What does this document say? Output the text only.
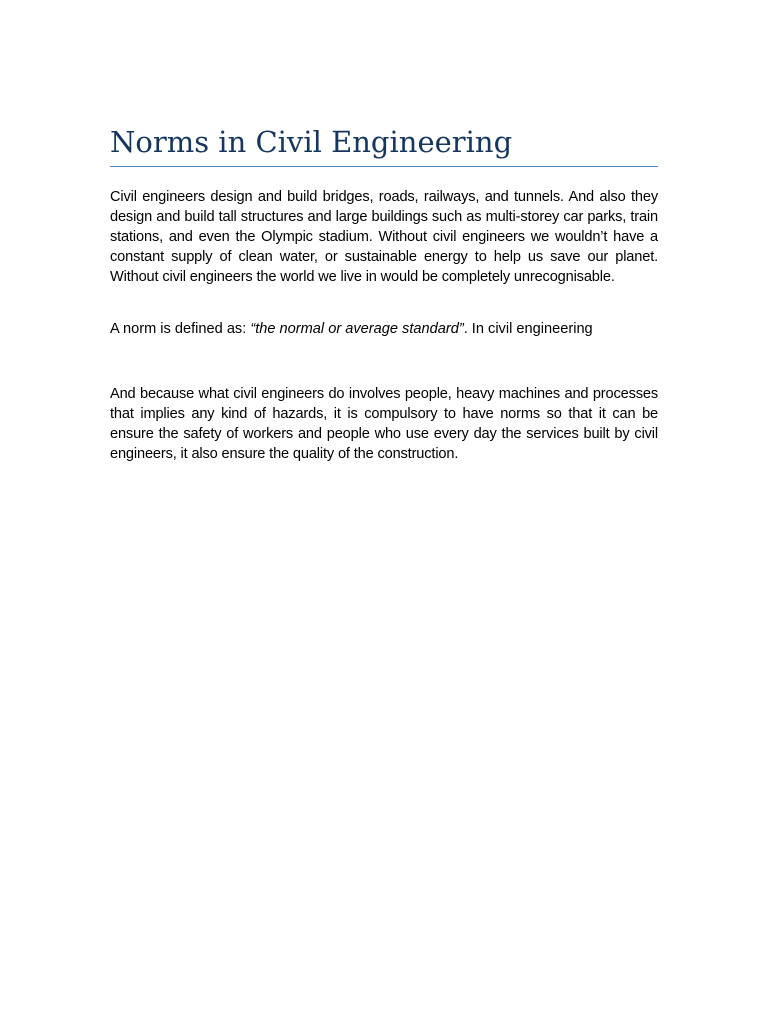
Norms in Civil Engineering

Civil engineers design and build bridges, roads, railways, and tunnels. And also they design and build tall structures and large buildings such as multi-storey car parks, train stations, and even the Olympic stadium. Without civil engineers we wouldn’t have a constant supply of clean water, or sustainable energy to help us save our planet. Without civil engineers the world we live in would be completely unrecognisable.

A norm is defined as: “the normal or average standard”. In civil engineering

And because what civil engineers do involves people, heavy machines and processes that implies any kind of hazards, it is compulsory to have norms so that it can be ensure the safety of workers and people who use every day the services built by civil engineers, it also ensure the quality of the construction.
